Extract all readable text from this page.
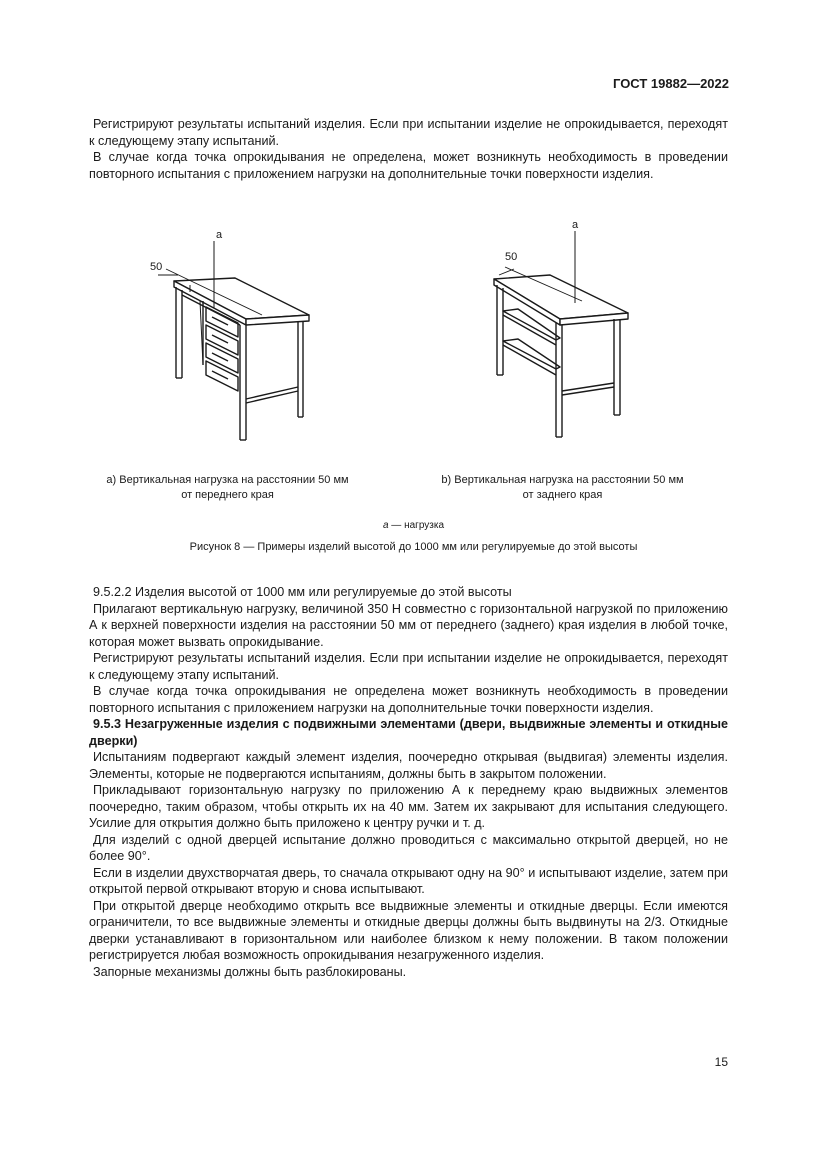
ГОСТ 19882—2022

Регистрируют результаты испытаний изделия. Если при испытании изделие не опрокидывается, переходят к следующему этапу испытаний.

В случае когда точка опрокидывания не определена, может возникнуть необходимость в проведении повторного испытания с приложением нагрузки на дополнительные точки поверхности изделия.

50
a
50
a
a) Вертикальная нагрузка на расстоянии 50 мм
от переднего края
b) Вертикальная нагрузка на расстоянии 50 мм
от заднего края
a — нагрузка
Рисунок 8 — Примеры изделий высотой до 1000 мм или регулируемые до этой высоты

9.5.2.2 Изделия высотой от 1000 мм или регулируемые до этой высоты

Прилагают вертикальную нагрузку, величиной 350 Н совместно с горизонтальной нагрузкой по приложению А к верхней поверхности изделия на расстоянии 50 мм от переднего (заднего) края изделия в любой точке, которая может вызвать опрокидывание.

Регистрируют результаты испытаний изделия. Если при испытании изделие не опрокидывается, переходят к следующему этапу испытаний.

В случае когда точка опрокидывания не определена может возникнуть необходимость в проведении повторного испытания с приложением нагрузки на дополнительные точки поверхности изделия.

9.5.3 Незагруженные изделия с подвижными элементами (двери, выдвижные элементы и откидные дверки)

Испытаниям подвергают каждый элемент изделия, поочередно открывая (выдвигая) элементы изделия. Элементы, которые не подвергаются испытаниям, должны быть в закрытом положении.

Прикладывают горизонтальную нагрузку по приложению А к переднему краю выдвижных элементов поочередно, таким образом, чтобы открыть их на 40 мм. Затем их закрывают для испытания следующего. Усилие для открытия должно быть приложено к центру ручки и т. д.

Для изделий с одной дверцей испытание должно проводиться с максимально открытой дверцей, но не более 90°.

Если в изделии двухстворчатая дверь, то сначала открывают одну на 90° и испытывают изделие, затем при открытой первой открывают вторую и снова испытывают.

При открытой дверце необходимо открыть все выдвижные элементы и откидные дверцы. Если имеются ограничители, то все выдвижные элементы и откидные дверцы должны быть выдвинуты на 2/3. Откидные дверки устанавливают в горизонтальном или наиболее близком к нему положении. В таком положении регистрируется любая возможность опрокидывания незагруженного изделия.

Запорные механизмы должны быть разблокированы.

15
